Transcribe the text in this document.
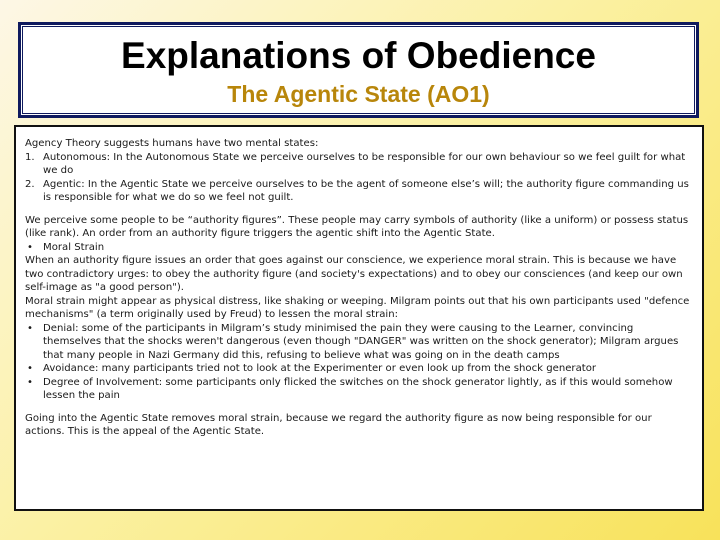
Explanations of Obedience
The Agentic State (AO1)

Agency Theory suggests humans have two mental states:

1. Autonomous: In the Autonomous State we perceive ourselves to be responsible for our own behaviour so we feel guilt for what we do
2. Agentic: In the Agentic State we perceive ourselves to be the agent of someone else’s will; the authority figure commanding us is responsible for what we do so we feel not guilt.

We perceive some people to be “authority figures”. These people may carry symbols of authority (like a uniform) or possess status (like rank). An order from an authority figure triggers the agentic shift into the Agentic State.

• Moral Strain

When an authority figure issues an order that goes against our conscience, we experience moral strain. This is because we have two contradictory urges: to obey the authority figure (and society's expectations) and to obey our consciences (and keep our own self-image as "a good person").

Moral strain might appear as physical distress, like shaking or weeping. Milgram points out that his own participants used "defence mechanisms" (a term originally used by Freud) to lessen the moral strain:

• Denial: some of the participants in Milgram’s study minimised the pain they were causing to the Learner, convincing themselves that the shocks weren't dangerous (even though "DANGER" was written on the shock generator); Milgram argues that many people in Nazi Germany did this, refusing to believe what was going on in the death camps
• Avoidance: many participants tried not to look at the Experimenter or even look up from the shock generator
• Degree of Involvement: some participants only flicked the switches on the shock generator lightly, as if this would somehow lessen the pain

Going into the Agentic State removes moral strain, because we regard the authority figure as now being responsible for our actions. This is the appeal of the Agentic State.
